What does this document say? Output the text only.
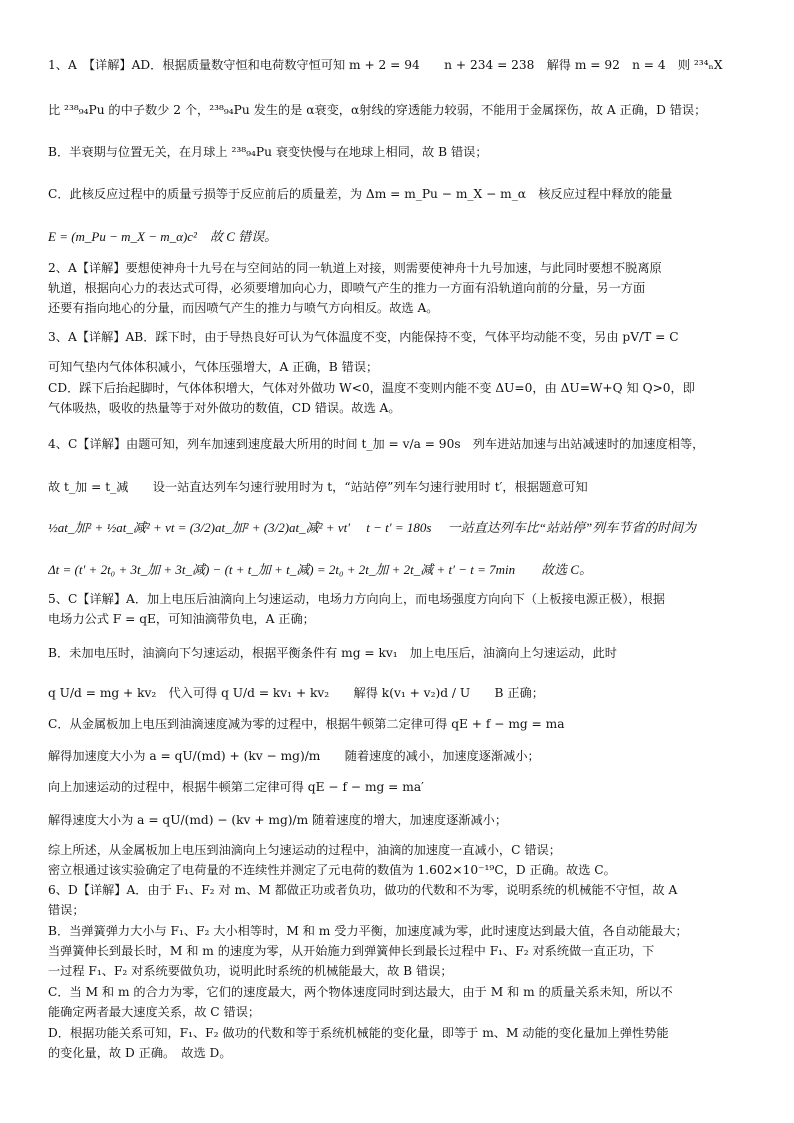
1、A　【详解】AD．根据质量数守恒和电荷数守恒可知 m + 2 = 94　　n + 234 = 238　解得 m = 92　n = 4　则 ²³⁴ₙX
比 ²³⁸₉₄Pu 的中子数少 2 个，²³⁸₉₄Pu 发生的是 α衰变，α射线的穿透能力较弱，不能用于金属探伤，故 A 正确，D 错误；
B．半衰期与位置无关，在月球上 ²³⁸₉₄Pu 衰变快慢与在地球上相同，故 B 错误；
C．此核反应过程中的质量亏损等于反应前后的质量差，为 Δm = m_Pu − m_X − m_α　核反应过程中释放的能量
E = (m_Pu − m_X − m_α)c²　故 C 错误。
2、A【详解】要想使神舟十九号在与空间站的同一轨道上对接，则需要使神舟十九号加速，与此同时要想不脱离原
轨道，根据向心力的表达式可得，必须要增加向心力，即喷气产生的推力一方面有沿轨道向前的分量，另一方面
还要有指向地心的分量，而因喷气产生的推力与喷气方向相反。故选 A。
3、A【详解】AB．踩下时，由于导热良好可认为气体温度不变，内能保持不变，气体平均动能不变，另由 pV/T = C
可知气垫内气体体积减小，气体压强增大，A 正确，B 错误；
CD．踩下后抬起脚时，气体体积增大，气体对外做功 W<0，温度不变则内能不变 ΔU=0，由 ΔU=W+Q 知 Q>0，即
气体吸热，吸收的热量等于对外做功的数值，CD 错误。故选 A。
4、C【详解】由题可知，列车加速到速度最大所用的时间 t_加 = v/a = 90s　列车进站加速与出站减速时的加速度相等，
故 t_加 = t_减　　设一站直达列车匀速行驶用时为 t，“站站停”列车匀速行驶用时 t′，根据题意可知
½at_加² + ½at_减² + vt = (3/2)at_加² + (3/2)at_减² + vt′　 t − t′ = 180s　 一站直达列车比“站站停”列车节省的时间为
Δt = (t′ + 2t₀ + 3t_加 + 3t_减) − (t + t_加 + t_减) = 2t₀ + 2t_加 + 2t_减 + t′ − t = 7min　　故选 C。
5、C【详解】A．加上电压后油滴向上匀速运动，电场力方向向上，而电场强度方向向下（上板接电源正极），根据
电场力公式 F = qE，可知油滴带负电，A 正确；
B．未加电压时，油滴向下匀速运动，根据平衡条件有 mg = kv₁　加上电压后，油滴向上匀速运动，此时
q U/d = mg + kv₂　代入可得 q U/d = kv₁ + kv₂　　解得 k(v₁ + v₂)d / U　　B 正确；
C．从金属板加上电压到油滴速度减为零的过程中，根据牛顿第二定律可得 qE + f − mg = ma
解得加速度大小为 a = qU/(md) + (kv − mg)/m　　随着速度的减小，加速度逐渐减小；
向上加速运动的过程中，根据牛顿第二定律可得 qE − f − mg = ma′
解得速度大小为 a = qU/(md) − (kv + mg)/m 随着速度的增大，加速度逐渐减小；
综上所述，从金属板加上电压到油滴向上匀速运动的过程中，油滴的加速度一直减小，C 错误；
密立根通过该实验确定了电荷量的不连续性并测定了元电荷的数值为 1.602×10⁻¹⁹C，D 正确。故选 C。
6、D【详解】A．由于 F₁、F₂ 对 m、M 都做正功或者负功，做功的代数和不为零，说明系统的机械能不守恒，故 A
错误；
B．当弹簧弹力大小与 F₁、F₂ 大小相等时，M 和 m 受力平衡，加速度减为零，此时速度达到最大值，各自动能最大；
当弹簧伸长到最长时，M 和 m 的速度为零，从开始施力到弹簧伸长到最长过程中 F₁、F₂ 对系统做一直正功，下
一过程 F₁、F₂ 对系统要做负功，说明此时系统的机械能最大，故 B 错误；
C．当 M 和 m 的合力为零，它们的速度最大，两个物体速度同时到达最大，由于 M 和 m 的质量关系未知，所以不
能确定两者最大速度关系，故 C 错误；
D．根据功能关系可知，F₁、F₂ 做功的代数和等于系统机械能的变化量，即等于 m、M 动能的变化量加上弹性势能
的变化量，故 D 正确。　故选 D。
